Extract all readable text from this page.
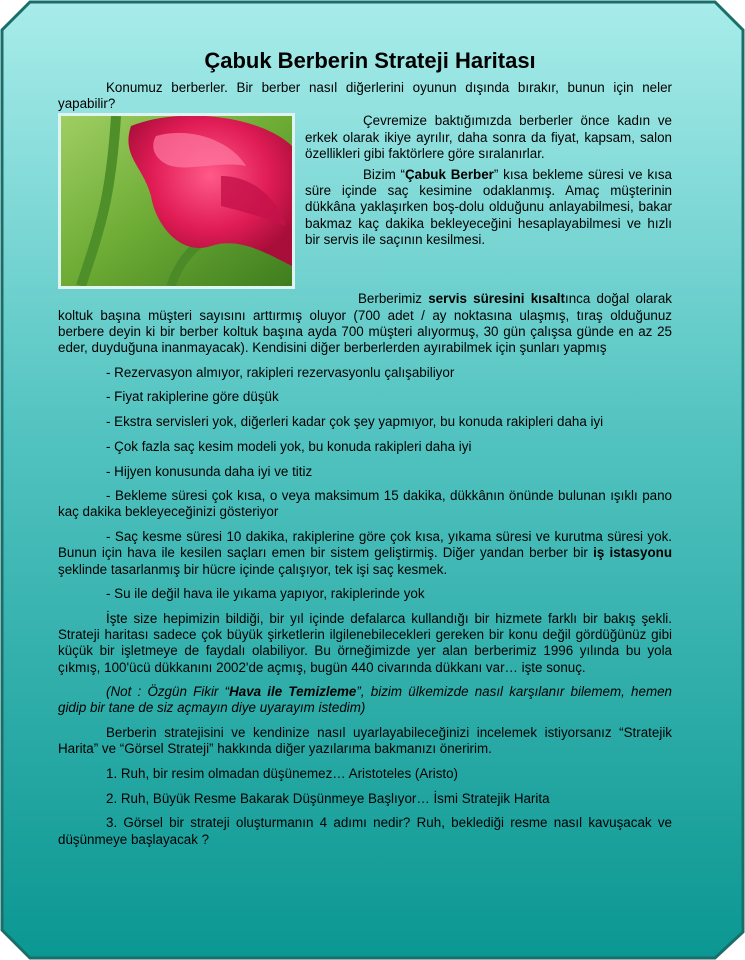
Çabuk Berberin Strateji Haritası

Konumuz berberler. Bir berber nasıl diğerlerini oyunun dışında bırakır, bunun için neler yapabilir?

Çevremize baktığımızda berberler önce kadın ve erkek olarak ikiye ayrılır, daha sonra da fiyat, kapsam, salon özellikleri gibi faktörlere göre sıralanırlar.

Bizim “Çabuk Berber” kısa bekleme süresi ve kısa süre içinde saç kesimine odaklanmış. Amaç müşterinin dükkâna yaklaşırken boş-dolu olduğunu anlayabilmesi, bakar bakmaz kaç dakika bekleyeceğini hesaplayabilmesi ve hızlı bir servis ile saçının kesilmesi.

Berberimiz servis süresini kısaltınca doğal olarak koltuk başına müşteri sayısını arttırmış oluyor (700 adet / ay noktasına ulaşmış, tıraş olduğunuz berbere deyin ki bir berber koltuk başına ayda 700 müşteri alıyormuş, 30 gün çalışsa günde en az 25 eder, duyduğuna inanmayacak). Kendisini diğer berberlerden ayırabilmek için şunları yapmış

- Rezervasyon almıyor, rakipleri rezervasyonlu çalışabiliyor

- Fiyat rakiplerine göre düşük

- Ekstra servisleri yok, diğerleri kadar çok şey yapmıyor, bu konuda rakipleri daha iyi

- Çok fazla saç kesim modeli yok, bu konuda rakipleri daha iyi

- Hijyen konusunda daha iyi ve titiz

- Bekleme süresi çok kısa, o veya maksimum 15 dakika, dükkânın önünde bulunan ışıklı pano kaç dakika bekleyeceğinizi gösteriyor

- Saç kesme süresi 10 dakika, rakiplerine göre çok kısa, yıkama süresi ve kurutma süresi yok. Bunun için hava ile kesilen saçları emen bir sistem geliştirmiş. Diğer yandan berber bir iş istasyonu şeklinde tasarlanmış bir hücre içinde çalışıyor, tek işi saç kesmek.

- Su ile değil hava ile yıkama yapıyor, rakiplerinde yok

İşte size hepimizin bildiği, bir yıl içinde defalarca kullandığı bir hizmete farklı bir bakış şekli. Strateji haritası sadece çok büyük şirketlerin ilgilenebilecekleri gereken bir konu değil gördüğünüz gibi küçük bir işletmeye de faydalı olabiliyor. Bu örneğimizde yer alan berberimiz 1996 yılında bu yola çıkmış, 100'ücü dükkanını 2002'de açmış, bugün 440 civarında dükkanı var… işte sonuç.

(Not : Özgün Fikir “Hava ile Temizleme”, bizim ülkemizde nasıl karşılanır bilemem, hemen gidip bir tane de siz açmayın diye uyarayım istedim)

Berberin stratejisini ve kendinize nasıl uyarlayabileceğinizi incelemek istiyorsanız “Stratejik Harita” ve “Görsel Strateji” hakkında diğer yazılarıma bakmanızı öneririm.

1. Ruh, bir resim olmadan düşünemez… Aristoteles (Aristo)

2. Ruh, Büyük Resme Bakarak Düşünmeye Başlıyor… İsmi Stratejik Harita

3. Görsel bir strateji oluşturmanın 4 adımı nedir? Ruh, beklediği resme nasıl kavuşacak ve düşünmeye başlayacak ?
